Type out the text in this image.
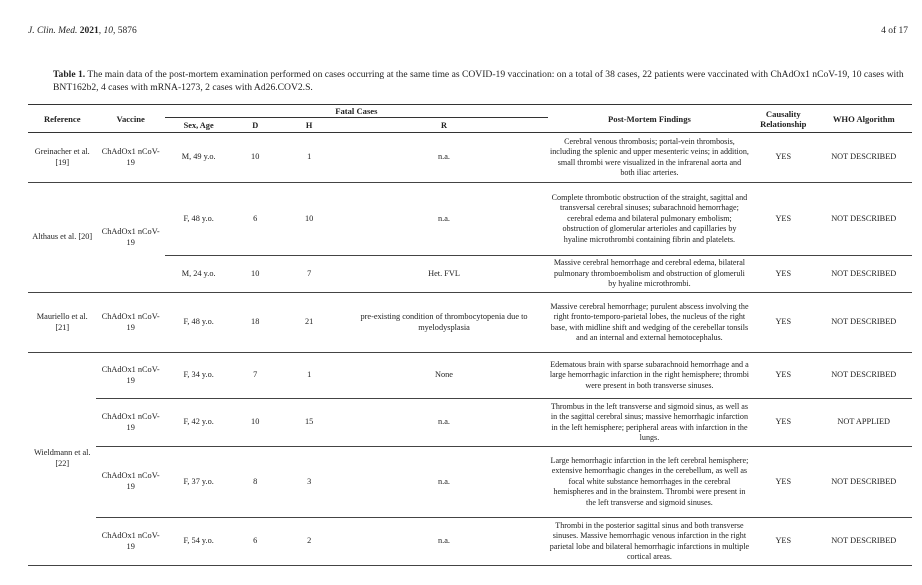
J. Clin. Med. 2021, 10, 5876	4 of 17
Table 1. The main data of the post-mortem examination performed on cases occurring at the same time as COVID-19 vaccination: on a total of 38 cases, 22 patients were vaccinated with ChAdOx1 nCoV-19, 10 cases with BNT162b2, 4 cases with mRNA-1273, 2 cases with Ad26.COV2.S.
Reference	Vaccine	Fatal Cases				Post-Mortem Findings	Causality Relationship	WHO Algorithm
		Sex, Age	D	H	R			
Greinacher et al. [19]	ChAdOx1 nCoV-19	M, 49 y.o.	10	1	n.a.	Cerebral venous thrombosis; portal-vein thrombosis, including the splenic and upper mesenteric veins; in addition, small thrombi were visualized in the infrarenal aorta and both iliac arteries.	YES	NOT DESCRIBED
Althaus et al. [20]	ChAdOx1 nCoV-19	F, 48 y.o.	6	10	n.a.	Complete thrombotic obstruction of the straight, sagittal and transversal cerebral sinuses; subarachnoid hemorrhage; cerebral edema and bilateral pulmonary embolism; obstruction of glomerular arterioles and capillaries by hyaline microthrombi containing fibrin and platelets.	YES	NOT DESCRIBED
		M, 24 y.o.	10	7	Het. FVL	Massive cerebral hemorrhage and cerebral edema, bilateral pulmonary thromboembolism and obstruction of glomeruli by hyaline microthrombi.	YES	NOT DESCRIBED
Mauriello et al. [21]	ChAdOx1 nCoV-19	F, 48 y.o.	18	21	pre-existing condition of thrombocytopenia due to myelodysplasia	Massive cerebral hemorrhage; purulent abscess involving the right fronto-temporo-parietal lobes, the nucleus of the right base, with midline shift and wedging of the cerebellar tonsils and an internal and external hemotocephalus.	YES	NOT DESCRIBED
Wieldmann et al. [22]	ChAdOx1 nCoV-19	F, 34 y.o.	7	1	None	Edematous brain with sparse subarachnoid hemorrhage and a large hemorrhagic infarction in the right hemisphere; thrombi were present in both transverse sinuses.	YES	NOT DESCRIBED
	ChAdOx1 nCoV-19	F, 42 y.o.	10	15	n.a.	Thrombus in the left transverse and sigmoid sinus, as well as in the sagittal cerebral sinus; massive hemorrhagic infarction in the left hemisphere; peripheral areas with infarction in the lungs.	YES	NOT APPLIED
	ChAdOx1 nCoV-19	F, 37 y.o.	8	3	n.a.	Large hemorrhagic infarction in the left cerebral hemisphere; extensive hemorrhagic changes in the cerebellum, as well as focal white substance hemorrhages in the cerebral hemispheres and in the brainstem. Thrombi were present in the left transverse and sigmoid sinuses.	YES	NOT DESCRIBED
	ChAdOx1 nCoV-19	F, 54 y.o.	6	2	n.a.	Thrombi in the posterior sagittal sinus and both transverse sinuses. Massive hemorrhagic venous infarction in the right parietal lobe and bilateral hemorrhagic infarctions in multiple cortical areas.	YES	NOT DESCRIBED
